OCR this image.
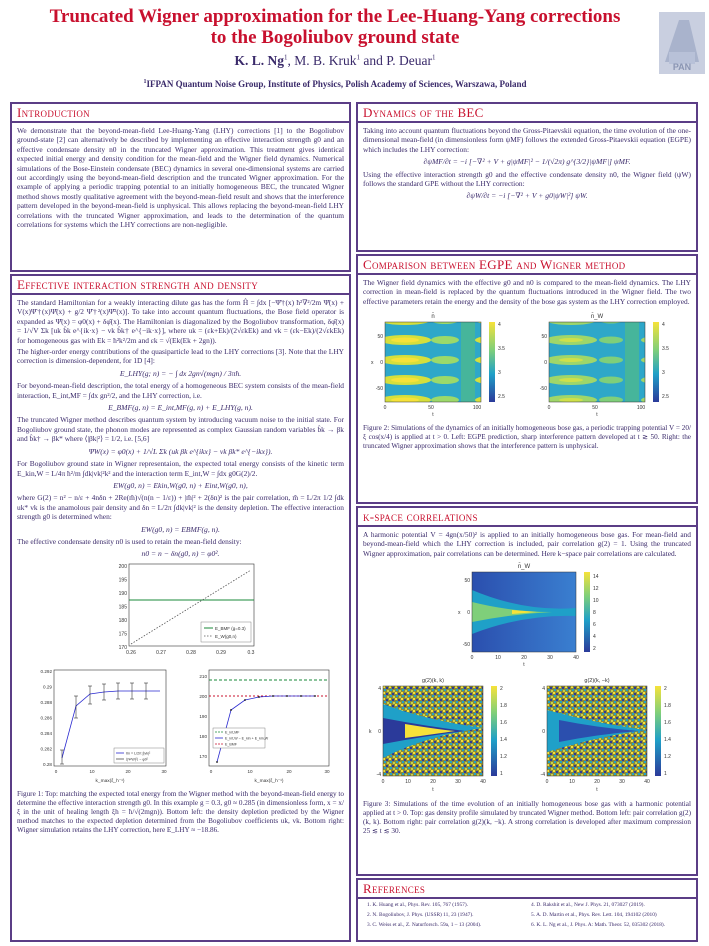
Truncated Wigner approximation for the Lee-Huang-Yang corrections
to the Bogoliubov ground state
K. L. Ng$^1$, M. B. Kruk$^1$ and P. Deuar$^1$
$^1$IFPAN Quantum Noise Group, Institute of Physics, Polish Academy of Sciences, Warszawa, Poland
PAN
Introduction

We demonstrate that the beyond-mean-field Lee-Huang-Yang (LHY) corrections [1] to the Bogoliubov ground-state [2] can alternatively be described by implementing an effective interaction strength g0 and an effective condensate density n0 in the truncated Wigner approximation. This treatment gives identical expected initial energy and density condition for the mean-field and the Wigner field dynamics. Numerical simulations of the Bose-Einstein condensate (BEC) dynamics in several one-dimensional systems are carried out accordingly using the beyond-mean-field description and the truncated Wigner approximation. For the example of applying a periodic trapping potential to an initially homogeneous BEC, the truncated Wigner method shows mostly qualitative agreement with the beyond-mean-field result and shows that the interference pattern developed in the beyond-mean-field is unphysical. This allows replacing the beyond-mean-field LHY correlations with the truncated Wigner approximation, and leads to the determination of the quantum correlations for systems which the LHY corrections are non-negligible.

Effective interaction strength and density

The standard Hamiltonian for a weakly interacting dilute gas has the form Ĥ = ∫dx [−Ψ̂†(x) ħ²∇²/2m Ψ̂(x) + V(x)Ψ̂†(x)Ψ̂(x) + g/2 Ψ̂†²(x)Ψ̂²(x)]. To take into account quantum fluctuations, the Bose field operator is expanded as Ψ̂(x) = φ0(x) + δφ̂(x). The Hamiltonian is diagonalized by the Bogoliubov transformation, δφ̂(x) = 1/√V Σk [uk b̂k e^{ik·x} − vk b̂k† e^{−ik·x}], where uk = (εk+Ek)/(2√εkEk) and vk = (εk−Ek)/(2√εkEk) for homogeneous gas with Ek = ħ²k²/2m and εk = √(Ek(Ek + 2gn)).

The higher-order energy contributions of the quasiparticle lead to the LHY corrections [3]. Note that the LHY correction is dimension-dependent, for 1D [4]:

E_LHY(g; n) = − ∫ dx 2gn√(mgn) / 3πħ.

For beyond-mean-field description, the total energy of a homogeneous BEC system consists of the mean-field interaction, E_int,MF = ∫dx gn²/2, and the LHY correction, i.e.

E_BMF(g, n) = E_int,MF(g, n) + E_LHY(g, n).

The truncated Wigner method describes quantum system by introducing vacuum noise to the initial state. For Bogoliubov ground state, the phonon modes are represented as complex Gaussian random variables b̂k → βk and b̂k† → βk* where ⟨|βk|²⟩ = 1/2, i.e. [5,6]

ΨW(x) = φ0(x) + 1/√L Σk (uk βk e^{ikx} − vk βk* e^{−ikx}).

For Bogoliubov ground state in Wigner representaion, the expected total energy consists of the kinetic term E_kin,W = L/4π ħ²/m ∫dk|vk|²k² and the interaction term E_int,W = ∫dx g0G(2)/2.

EW(g0, n) = Ekin,W(g0, n) + Eint,W(g0, n),

where G(2) = n² − n/ε + 4nδn + 2Re(m̃)√(n(n − 1/ε)) + |m̃|² + 2(δn)² is the pair correlation, m̃ = L/2π 1/2 ∫dk uk* vk is the anamolous pair density and δn = L/2π ∫dk|vk|² is the density depletion. The effective interaction strength g0 is determined when:

EW(g0, n) = EBMF(g, n).

The effective condensate density n0 is used to retain the mean-field density:

n0 = n − δn(g0, n) = φ0².
200
195
190
185
180
175
170
0.26	0.27	0.28	0.29	0.3
E_BMF (g=0.3)
E_W(g0,n)
0.292
0.29
0.288
0.286
0.284
0.282
0.28
0	10	20	30
k_max(ξ_h⁻¹)
δn = L/2π ∫|vk|²
⟨|ΨW|²⟩ − φ0²
210
200
190
180
170
0	10	20	30
k_max(ξ_h⁻¹)
E_int,MF
E_int,W − E_kin + E_kin,W
E_BMF

Figure 1: Top: matching the expected total energy from the Wigner method with the beyond-mean-field energy to determine the effective interaction strength g0. In this example g = 0.3, g0 ≈ 0.285 (in dimensionless form, x = x/ξ in the unit of healing length ξh = ħ/√(2mgn)). Bottom left: the density depletion predicted by the Wigner method matches to the expected depletion determined from the Bogoliubov coefficients uk, vk. Bottom right: Wigner simulation retains the LHY correction, here E_LHY ≈ −18.86.

Dynamics of the BEC

Taking into account quantum fluctuations beyond the Gross-Pitaevskii equation, the time evolution of the one-dimensional mean-field (in dimensionless form ψMF) follows the extended Gross-Pitaevskii equation (EGPE) which includes the LHY correction:

∂ψMF/∂t = −i [−∇² + V + g|ψMF|² − 1/(√2π) g^{3/2}|ψMF|] ψMF.

Using the effective interaction strength g0 and the effective condensate density n0, the Wigner field (ψW) follows the standard GPE without the LHY correction:

∂ψW/∂t = −i [−∇² + V + g0|ψW|²] ψW.
Comparison between EGPE and Wigner method

The Wigner field dynamics with the effective g0 and n0 is compared to the mean-field dynamics. The LHY correction in mean-field is replaced by the quantum fluctuations introduced in the Wigner field. The two effective parameters retain the energy and the density of the bose gas system as the LHY correction employed.

n̄
50
0
-50
x
0	50	100
t
4
3.5
3
2.5
n̄_W
50
0
-50
0	50	100
t
4
3.5
3
2.5

Figure 2: Simulations of the dynamics of an initially homogeneous bose gas, a periodic trapping potential V = 20/ξ cos(x/4) is applied at t > 0. Left: EGPE prediction, sharp interference pattern developed at t ≳ 50. Right: the truncated Wigner approximation shows that the interference pattern is unphysical.

k-space correlations

A harmonic potential V = 4gn(x/50)² is applied to an initially homogeneous bose gas. For mean-field and beyond-mean-field which the LHY correction is included, pair correlation g(2) = 1. Using the truncated Wigner approximation, pair correlations can be determined. Here k−space pair correlations are calculated.

n̄_W
50
0
-50
x
0	10	20	30	40
t
14
12
10
8
6
4
2
g(2)(k, k)
4
0
-4
k
0	10	20	30	40
t
2
1.8
1.6
1.4
1.2
1
g(2)(k, −k)
4
0
-4
0	10	20	30	40
t
2
1.8
1.6
1.4
1.2
1

Figure 3: Simulations of the time evolution of an initially homogeneous bose gas with a harmonic potential applied at t > 0. Top: gas density profile simulated by truncated Wigner method. Bottom left: pair correlation g(2)(k, k). Bottom right: pair correlation g(2)(k, −k). A strong correlation is developed after maximum compression 25 ≲ t ≲ 30.

References
1. K. Huang et al., Phys. Rev. 105, 767 (1957).	4. D. Rakshit et al., New J. Phys. 21, 073027 (2019).
2. N. Bogoliubov, J. Phys. (USSR) 11, 23 (1947).	5. A. D. Martin et al., Phys. Rev. Lett. 104, 194102 (2010)
3. C. Weiss et al., Z. Naturforsch. 59a, 1 – 13 (2004).	6. K. L. Ng et al., J. Phys. A: Math. Theor. 52, 035302 (2018).
